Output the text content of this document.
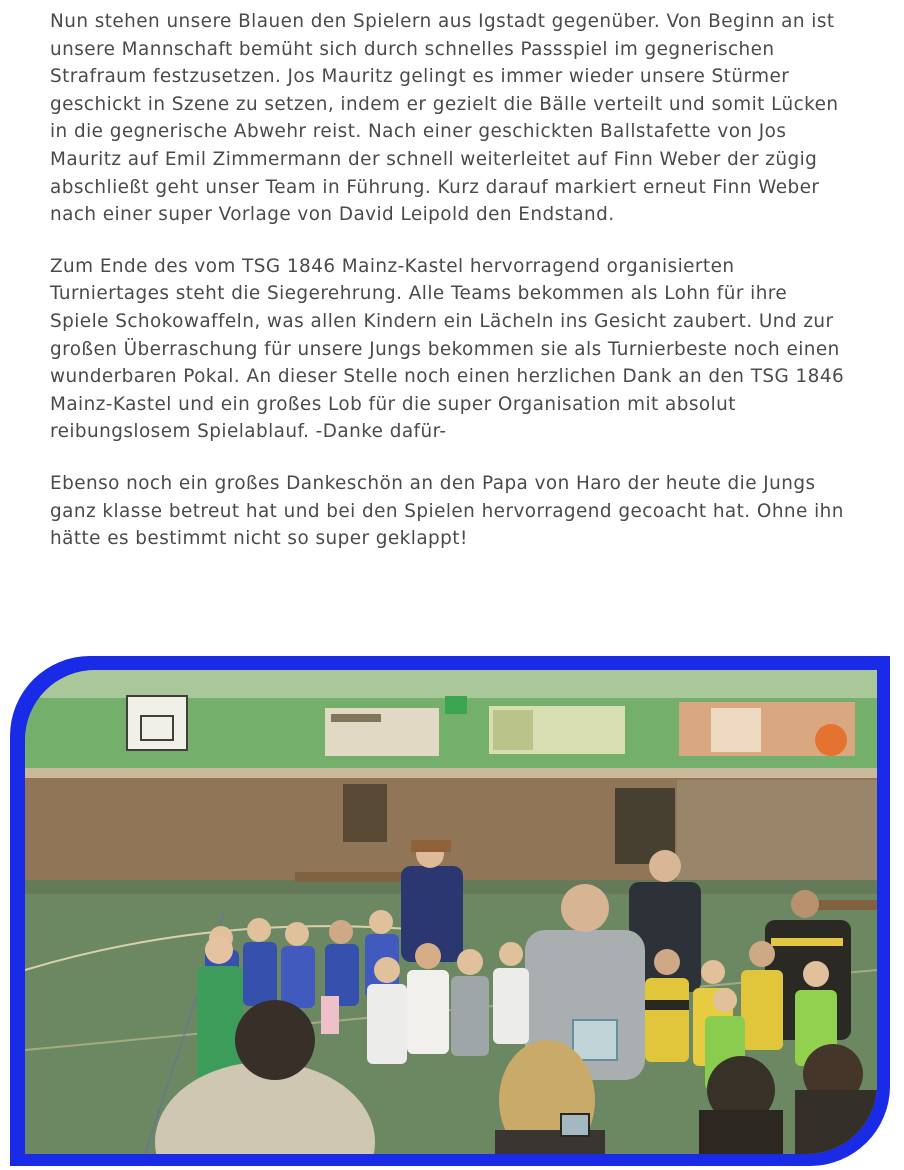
Nun stehen unsere Blauen den Spielern aus Igstadt gegenüber. Von Beginn an ist unsere Mannschaft bemüht sich durch schnelles Passspiel im gegnerischen Strafraum festzusetzen. Jos Mauritz gelingt es immer wieder unsere Stürmer geschickt in Szene zu setzen, indem er gezielt die Bälle verteilt und somit Lücken in die gegnerische Abwehr reist. Nach einer geschickten Ballstafette von Jos Mauritz auf Emil Zimmermann der schnell weiterleitet auf Finn Weber der zügig abschließt geht unser Team in Führung. Kurz darauf markiert erneut Finn Weber nach einer super Vorlage von David Leipold den Endstand.

Zum Ende des vom TSG 1846 Mainz-Kastel hervorragend organisierten Turniertages steht die Siegerehrung. Alle Teams bekommen als Lohn für ihre Spiele Schokowaffeln, was allen Kindern ein Lächeln ins Gesicht zaubert. Und zur großen Überraschung für unsere Jungs bekommen sie als Turnierbeste noch einen wunderbaren Pokal. An dieser Stelle noch einen herzlichen Dank an den TSG 1846 Mainz-Kastel und ein großes Lob für die super Organisation mit absolut reibungslosem Spielablauf. -Danke dafür-

Ebenso noch ein großes Dankeschön an den Papa von Haro der heute die Jungs ganz klasse betreut hat und bei den Spielen hervorragend gecoacht hat. Ohne ihn hätte es bestimmt nicht so super geklappt!
